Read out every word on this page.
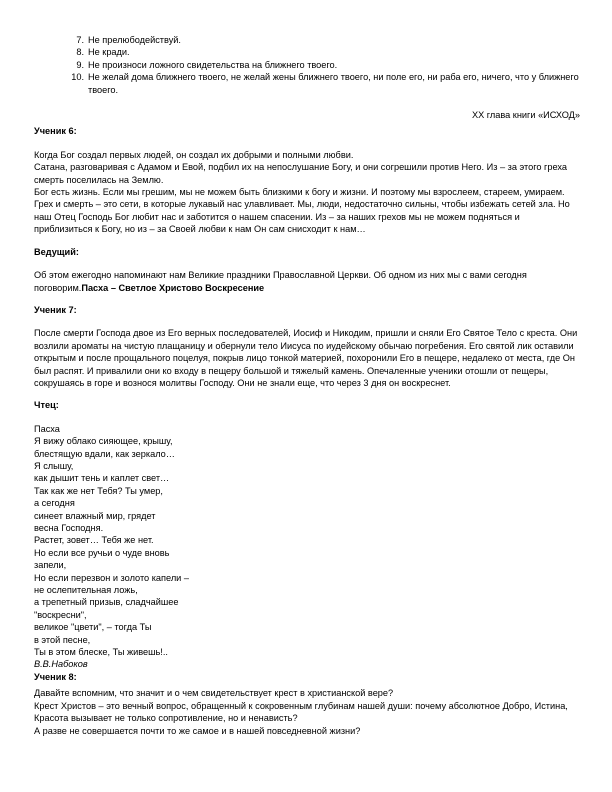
7. Не прелюбодействуй.
8. Не кради.
9. Не произноси ложного свидетельства на ближнего твоего.
10. Не желай дома ближнего твоего, не желай жены ближнего твоего, ни поле его, ни раба его, ничего, что у ближнего твоего.
XX глава книги «ИСХОД»
Ученик 6:

Когда Бог создал первых людей, он создал их добрыми и полными любви.

Сатана, разговаривая с Адамом и Евой, подбил их на непослушание Богу, и они согрешили против Него. Из – за этого греха смерть поселилась на Землю.

Бог есть жизнь. Если мы грешим, мы не можем быть близкими к богу и жизни. И поэтому мы взрослеем, стареем, умираем.

Грех и смерть – это сети, в которые лукавый нас улавливает. Мы, люди, недостаточно сильны, чтобы избежать сетей зла. Но наш Отец Господь Бог любит нас и заботится о нашем спасении. Из – за наших грехов мы не можем подняться и приблизиться к Богу, но из – за Своей любви к нам Он сам снисходит к нам…

Ведущий:

Об этом ежегодно напоминают нам Великие праздники Православной Церкви. Об одном из них мы с вами сегодня поговорим.Пасха – Светлое Христово Воскресение

Ученик 7:

После смерти Господа двое из Его верных последователей, Иосиф и Никодим, пришли и сняли Его Святое Тело с креста. Они возлили ароматы на чистую плащаницу и обернули тело Иисуса по иудейскому обычаю погребения. Его святой лик оставили открытым и после прощального поцелуя, покрыв лицо тонкой материей, похоронили Его в пещере, недалеко от места, где Он был распят. И привалили они ко входу в пещеру большой и тяжелый камень. Опечаленные ученики отошли от пещеры, сокрушаясь в горе и вознося молитвы Господу. Они не знали еще, что через 3 дня он воскреснет.

Чтец:

Пасха

Я вижу облако сияющее, крышу,

блестящую вдали, как зеркало…

Я слышу,

как дышит тень и каплет свет…

Так как же нет Тебя? Ты умер,

а сегодня

синеет влажный мир, грядет

весна Господня.

Растет, зовет… Тебя же нет.

Но если все ручьи о чуде вновь

запели,

Но если перезвон и золото капели –

не ослепительная ложь,

а трепетный призыв, сладчайшее

"воскресни",

великое "цвети", – тогда Ты

в этой песне,

Ты в этом блеске, Ты живешь!..

В.В.Набоков

Ученик 8:

Давайте вспомним, что значит и о чем свидетельствует крест в христианской вере?

Крест Христов – это вечный вопрос, обращенный к сокровенным глубинам нашей души: почему абсолютное Добро, Истина, Красота вызывает не только сопротивление, но и ненависть?

А разве не совершается почти то же самое и в нашей повседневной жизни?
